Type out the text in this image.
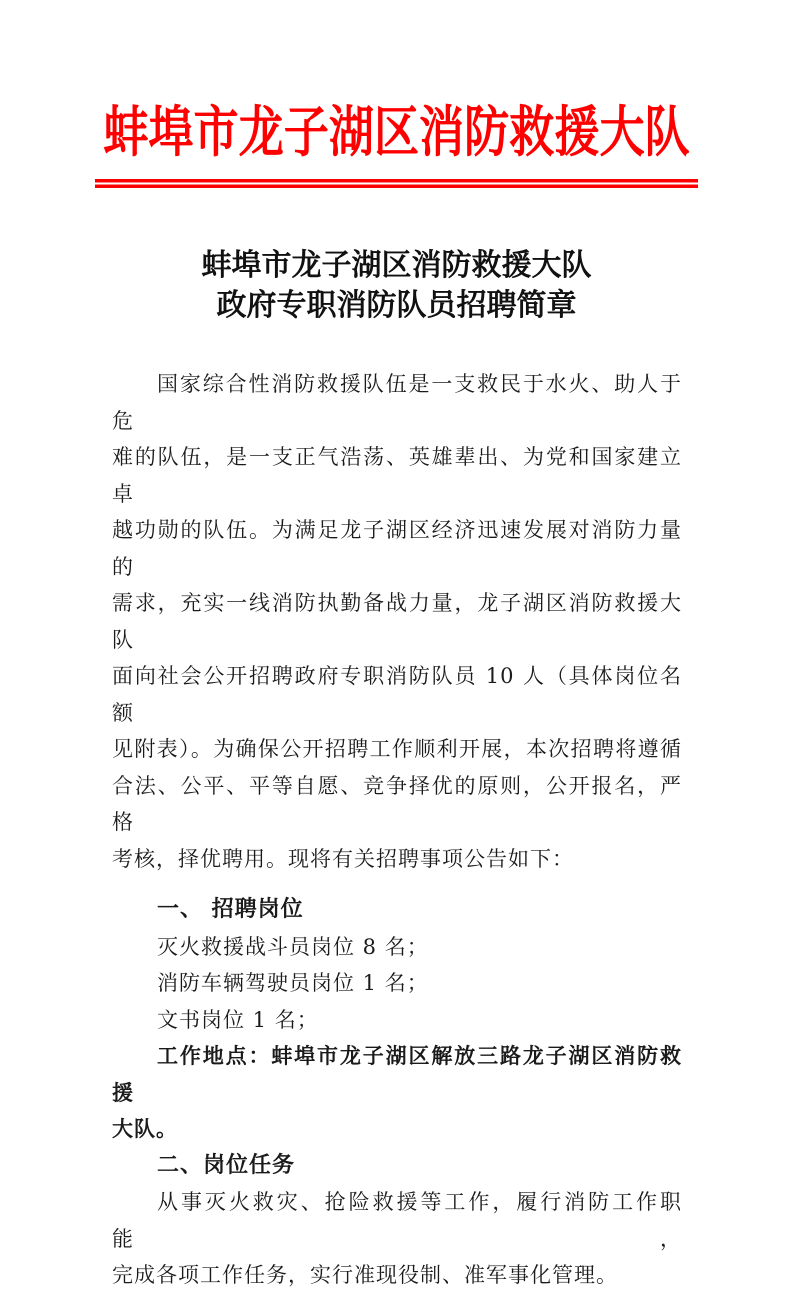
蚌埠市龙子湖区消防救援大队
蚌埠市龙子湖区消防救援大队
政府专职消防队员招聘简章
国家综合性消防救援队伍是一支救民于水火、助人于危
难的队伍，是一支正气浩荡、英雄辈出、为党和国家建立卓
越功勋的队伍。为满足龙子湖区经济迅速发展对消防力量的
需求，充实一线消防执勤备战力量，龙子湖区消防救援大队
面向社会公开招聘政府专职消防队员 10 人（具体岗位名额
见附表）。为确保公开招聘工作顺利开展，本次招聘将遵循
合法、公平、平等自愿、竞争择优的原则，公开报名，严格
考核，择优聘用。现将有关招聘事项公告如下：
一、 招聘岗位
灭火救援战斗员岗位 8 名；
消防车辆驾驶员岗位 1 名；
文书岗位 1 名；
工作地点：蚌埠市龙子湖区解放三路龙子湖区消防救援
大队。
二、岗位任务
从事灭火救灾、抢险救援等工作，履行消防工作职能，
完成各项工作任务，实行准现役制、准军事化管理。
